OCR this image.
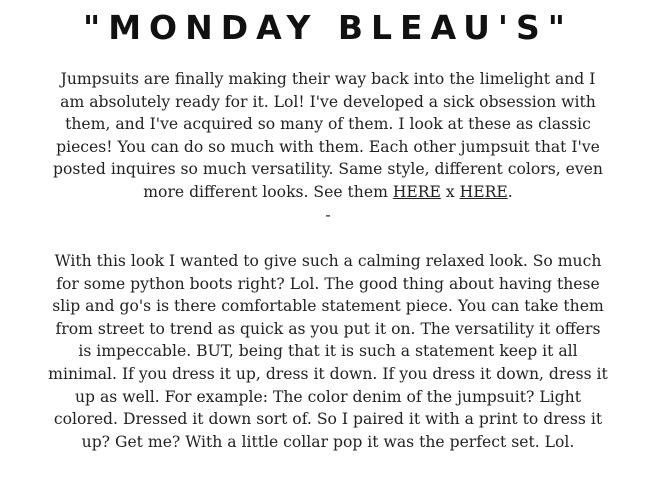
"MONDAY BLEAU'S"

Jumpsuits are finally making their way back into the limelight and I
am absolutely ready for it. Lol! I've developed a sick obsession with
them, and I've acquired so many of them. I look at these as classic
pieces! You can do so much with them. Each other jumpsuit that I've
posted inquires so much versatility. Same style, different colors, even
more different looks. See them HERE x HERE.

-

With this look I wanted to give such a calming relaxed look. So much
for some python boots right? Lol. The good thing about having these
slip and go's is there comfortable statement piece. You can take them
from street to trend as quick as you put it on. The versatility it offers
is impeccable. BUT, being that it is such a statement keep it all
minimal. If you dress it up, dress it down. If you dress it down, dress it
up as well. For example: The color denim of the jumpsuit? Light
colored. Dressed it down sort of. So I paired it with a print to dress it
up? Get me? With a little collar pop it was the perfect set. Lol.
